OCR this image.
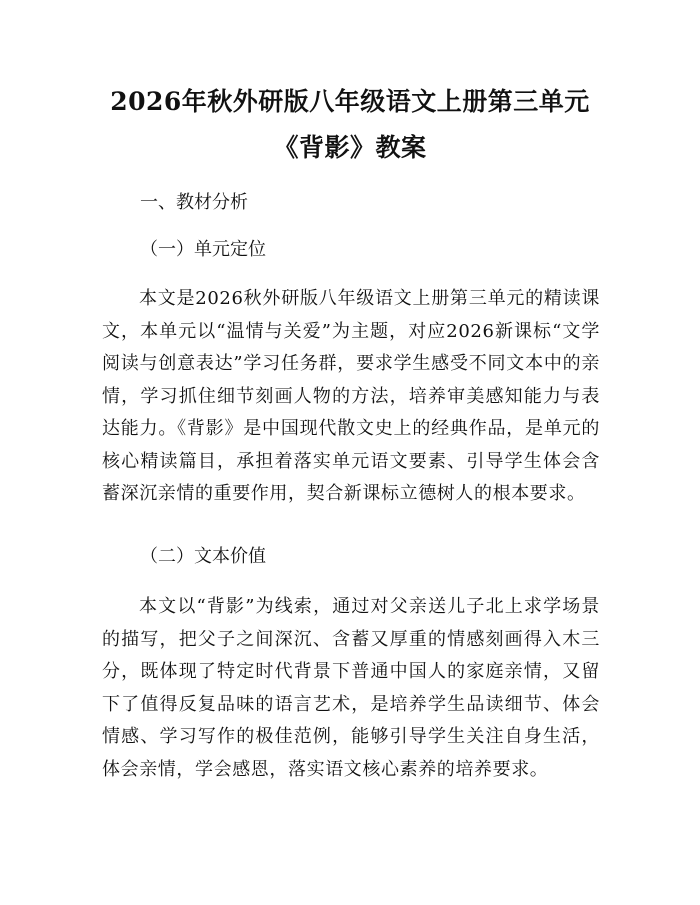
2026年秋外研版八年级语文上册第三单元
《背影》教案
一、教材分析
（一）单元定位
本文是2026秋外研版八年级语文上册第三单元的精读课文，本单元以“温情与关爱”为主题，对应2026新课标“文学阅读与创意表达”学习任务群，要求学生感受不同文本中的亲情，学习抓住细节刻画人物的方法，培养审美感知能力与表达能力。《背影》是中国现代散文史上的经典作品，是单元的核心精读篇目，承担着落实单元语文要素、引导学生体会含蓄深沉亲情的重要作用，契合新课标立德树人的根本要求。
（二）文本价值
本文以“背影”为线索，通过对父亲送儿子北上求学场景的描写，把父子之间深沉、含蓄又厚重的情感刻画得入木三分，既体现了特定时代背景下普通中国人的家庭亲情，又留下了值得反复品味的语言艺术，是培养学生品读细节、体会情感、学习写作的极佳范例，能够引导学生关注自身生活，体会亲情，学会感恩，落实语文核心素养的培养要求。
